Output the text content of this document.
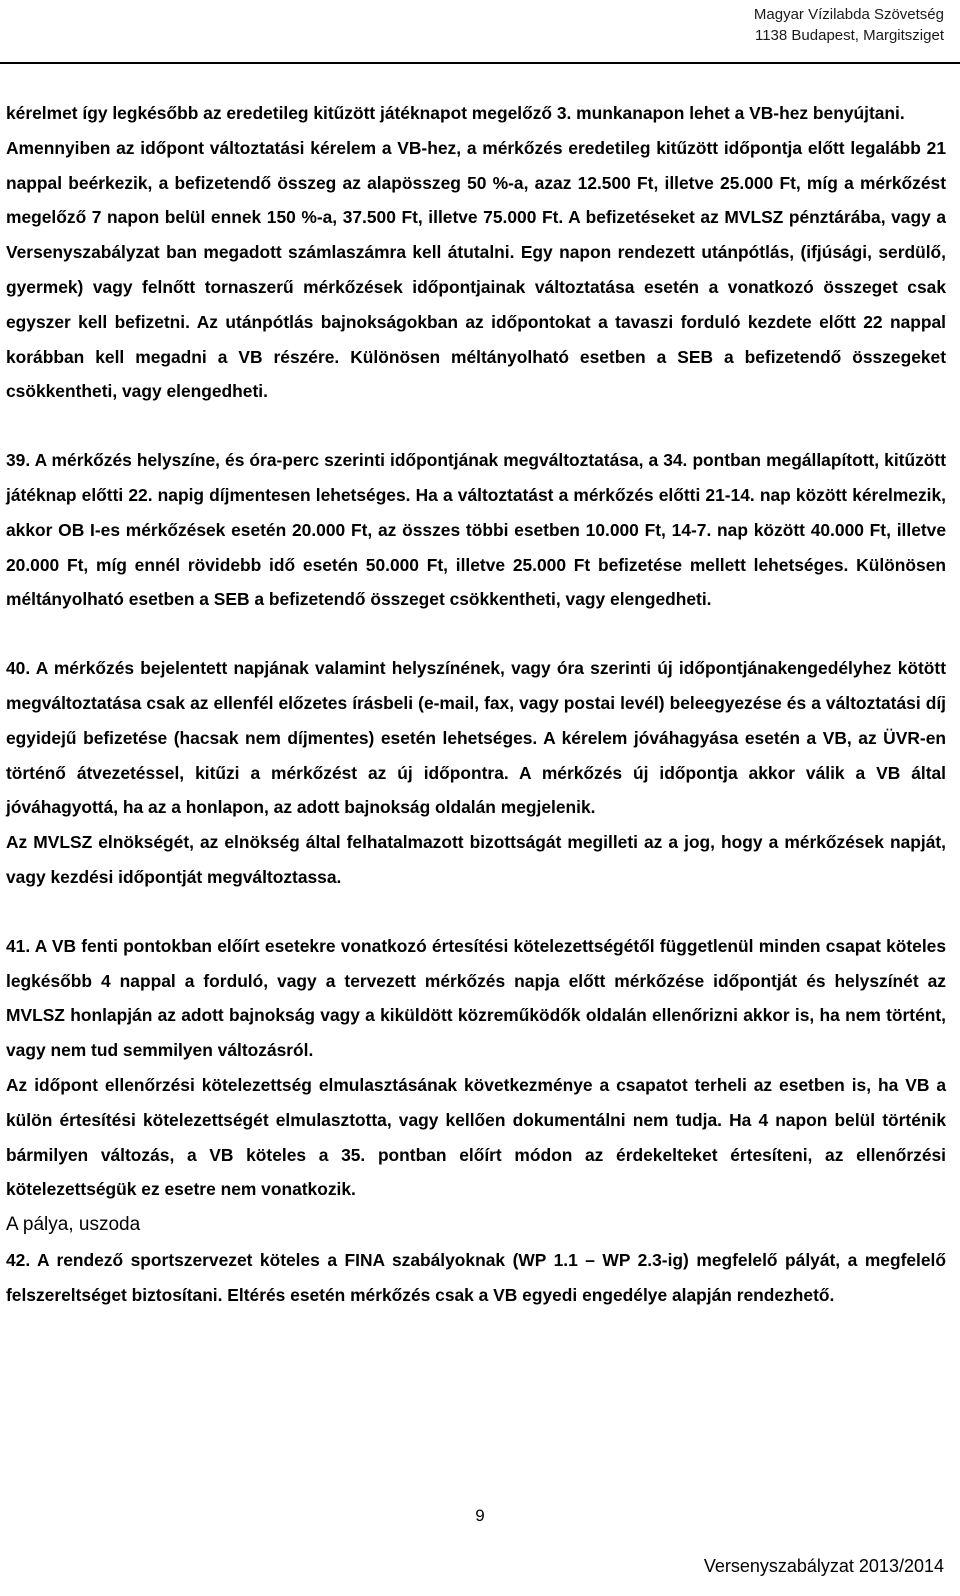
Magyar Vízilabda Szövetség
1138 Budapest, Margitsziget

kérelmet így legkésőbb az eredetileg kitűzött játéknapot megelőző 3. munkanapon lehet a VB-hez benyújtani.

Amennyiben az időpont változtatási kérelem a VB-hez, a mérkőzés eredetileg kitűzött időpontja előtt legalább 21 nappal beérkezik, a befizetendő összeg az alapösszeg 50 %-a, azaz 12.500 Ft, illetve 25.000 Ft, míg a mérkőzést megelőző 7 napon belül ennek 150 %-a, 37.500 Ft, illetve 75.000 Ft. A befizetéseket az MVLSZ pénztárába, vagy a Versenyszabályzat ban megadott számlaszámra kell átutalni. Egy napon rendezett utánpótlás, (ifjúsági, serdülő, gyermek) vagy felnőtt tornaszerű mérkőzések időpontjainak változtatása esetén a vonatkozó összeget csak egyszer kell befizetni. Az utánpótlás bajnokságokban az időpontokat a tavaszi forduló kezdete előtt 22 nappal korábban kell megadni a VB részére. Különösen méltányolható esetben a SEB a befizetendő összegeket csökkentheti, vagy elengedheti.

39. A mérkőzés helyszíne, és óra-perc szerinti időpontjának megváltoztatása, a 34. pontban megállapított, kitűzött játéknap előtti 22. napig díjmentesen lehetséges. Ha a változtatást a mérkőzés előtti 21-14. nap között kérelmezik, akkor OB I-es mérkőzések esetén 20.000 Ft, az összes többi esetben 10.000 Ft, 14-7. nap között 40.000 Ft, illetve 20.000 Ft, míg ennél rövidebb idő esetén 50.000 Ft, illetve 25.000 Ft befizetése mellett lehetséges. Különösen méltányolható esetben a SEB a befizetendő összeget csökkentheti, vagy elengedheti.

40. A mérkőzés bejelentett napjának valamint helyszínének, vagy óra szerinti új időpontjánakengedélyhez kötött megváltoztatása csak az ellenfél előzetes írásbeli (e-mail, fax, vagy postai levél) beleegyezése és a változtatási díj egyidejű befizetése (hacsak nem díjmentes) esetén lehetséges. A kérelem jóváhagyása esetén a VB, az ÜVR-en történő átvezetéssel, kitűzi a mérkőzést az új időpontra. A mérkőzés új időpontja akkor válik a VB által jóváhagyottá, ha az a honlapon, az adott bajnokság oldalán megjelenik.

Az MVLSZ elnökségét, az elnökség által felhatalmazott bizottságát megilleti az a jog, hogy a mérkőzések napját, vagy kezdési időpontját megváltoztassa.

41. A VB fenti pontokban előírt esetekre vonatkozó értesítési kötelezettségétől függetlenül minden csapat köteles legkésőbb 4 nappal a forduló, vagy a tervezett mérkőzés napja előtt mérkőzése időpontját és helyszínét az MVLSZ honlapján az adott bajnokság vagy a kiküldött közreműködők oldalán ellenőrizni akkor is, ha nem történt, vagy nem tud semmilyen változásról.

Az időpont ellenőrzési kötelezettség elmulasztásának következménye a csapatot terheli az esetben is, ha VB a külön értesítési kötelezettségét elmulasztotta, vagy kellően dokumentálni nem tudja. Ha 4 napon belül történik bármilyen változás, a VB köteles a 35. pontban előírt módon az érdekelteket értesíteni, az ellenőrzési kötelezettségük ez esetre nem vonatkozik.

A pálya, uszoda

42. A rendező sportszervezet köteles a FINA szabályoknak (WP 1.1 – WP 2.3-ig) megfelelő pályát, a megfelelő felszereltséget biztosítani. Eltérés esetén mérkőzés csak a VB egyedi engedélye alapján rendezhető.

9
Versenyszabályzat 2013/2014
